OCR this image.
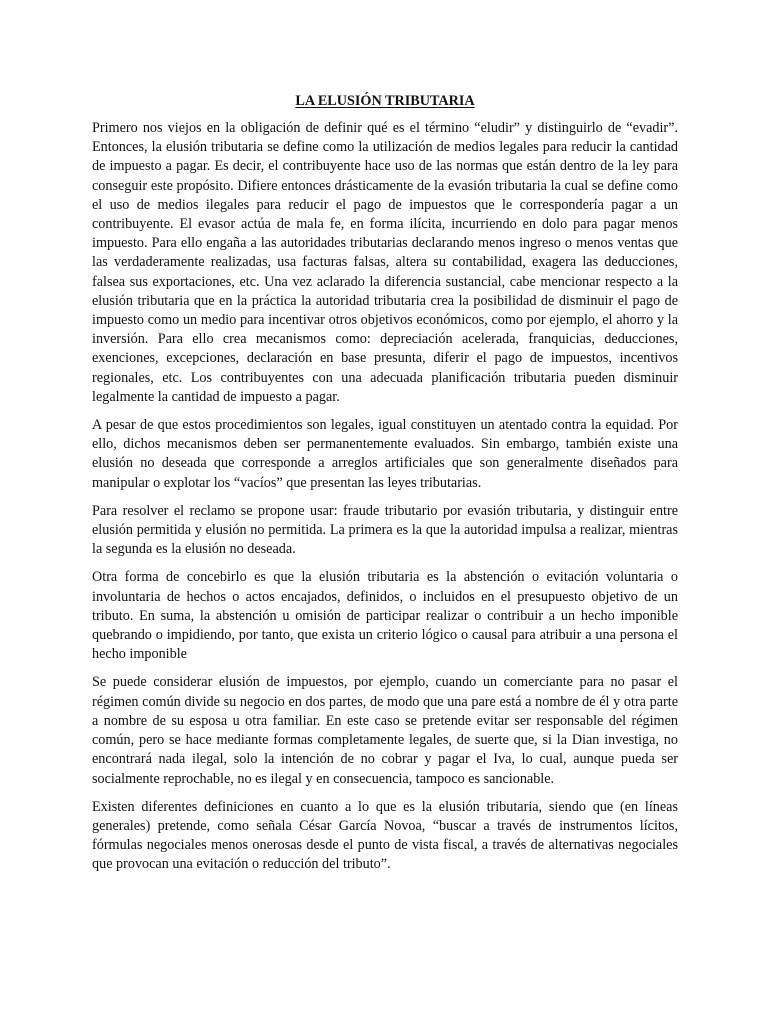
LA ELUSIÓN TRIBUTARIA

Primero nos viejos en la obligación de definir qué es el término “eludir” y distinguirlo de “evadir”. Entonces, la elusión tributaria se define como la utilización de medios legales para reducir la cantidad de impuesto a pagar. Es decir, el contribuyente hace uso de las normas que están dentro de la ley para conseguir este propósito. Difiere entonces drásticamente de la evasión tributaria la cual se define como el uso de medios ilegales para reducir el pago de impuestos que le correspondería pagar a un contribuyente. El evasor actúa de mala fe, en forma ilícita, incurriendo en dolo para pagar menos impuesto. Para ello engaña a las autoridades tributarias declarando menos ingreso o menos ventas que las verdaderamente realizadas, usa facturas falsas, altera su contabilidad, exagera las deducciones, falsea sus exportaciones, etc. Una vez aclarado la diferencia sustancial, cabe mencionar respecto a la elusión tributaria que en la práctica la autoridad tributaria crea la posibilidad de disminuir el pago de impuesto como un medio para incentivar otros objetivos económicos, como por ejemplo, el ahorro y la inversión. Para ello crea mecanismos como: depreciación acelerada, franquicias, deducciones, exenciones, excepciones, declaración en base presunta, diferir el pago de impuestos, incentivos regionales, etc. Los contribuyentes con una adecuada planificación tributaria pueden disminuir legalmente la cantidad de impuesto a pagar.

A pesar de que estos procedimientos son legales, igual constituyen un atentado contra la equidad. Por ello, dichos mecanismos deben ser permanentemente evaluados. Sin embargo, también existe una elusión no deseada que corresponde a arreglos artificiales que son generalmente diseñados para manipular o explotar los “vacíos” que presentan las leyes tributarias.

Para resolver el reclamo se propone usar: fraude tributario por evasión tributaria, y distinguir entre elusión permitida y elusión no permitida. La primera es la que la autoridad impulsa a realizar, mientras la segunda es la elusión no deseada.

Otra forma de concebirlo es que la elusión tributaria es la abstención o evitación voluntaria o involuntaria de hechos o actos encajados, definidos, o incluidos en el presupuesto objetivo de un tributo. En suma, la abstención u omisión de participar realizar o contribuir a un hecho imponible quebrando o impidiendo, por tanto, que exista un criterio lógico o causal para atribuir a una persona el hecho imponible

Se puede considerar elusión de impuestos, por ejemplo, cuando un comerciante para no pasar el régimen común divide su negocio en dos partes, de modo que una pare está a nombre de él y otra parte a nombre de su esposa u otra familiar. En este caso se pretende evitar ser responsable del régimen común, pero se hace mediante formas completamente legales, de suerte que, si la Dian investiga, no encontrará nada ilegal, solo la intención de no cobrar y pagar el Iva, lo cual, aunque pueda ser socialmente reprochable, no es ilegal y en consecuencia, tampoco es sancionable.

Existen diferentes definiciones en cuanto a lo que es la elusión tributaria, siendo que (en líneas generales) pretende, como señala César García Novoa, “buscar a través de instrumentos lícitos, fórmulas negociales menos onerosas desde el punto de vista fiscal, a través de alternativas negociales que provocan una evitación o reducción del tributo”.
